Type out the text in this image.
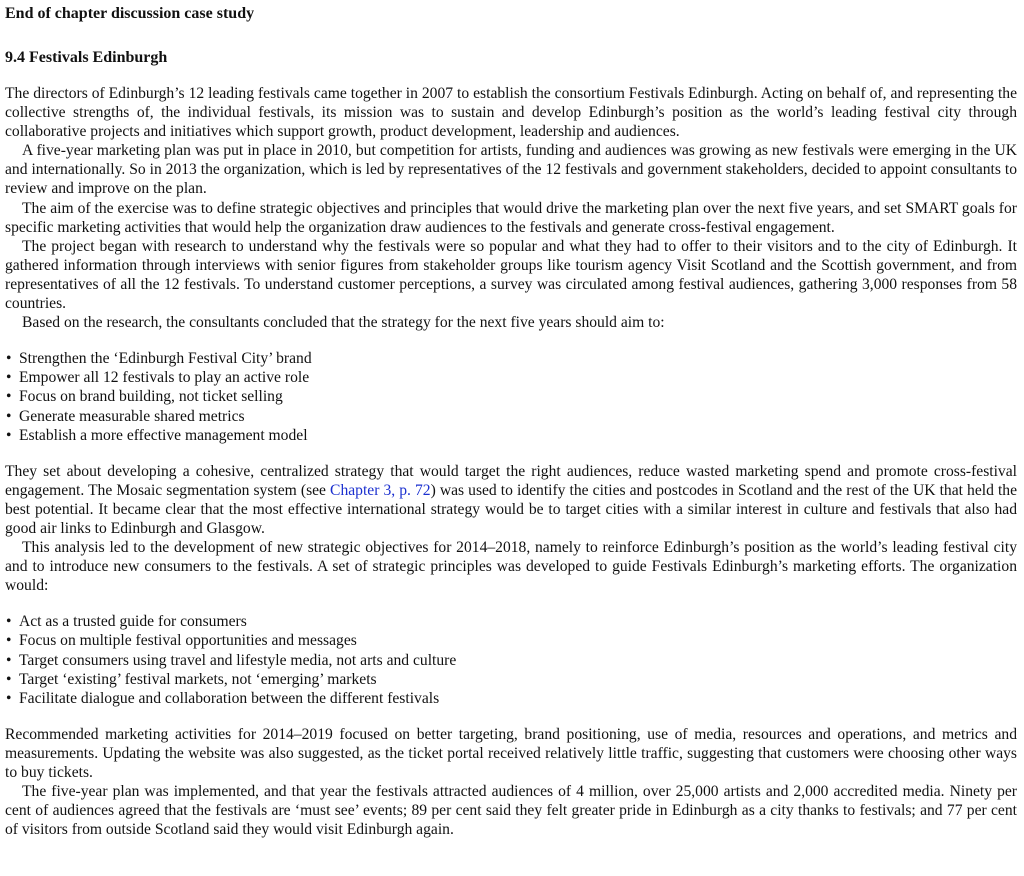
End of chapter discussion case study
9.4 Festivals Edinburgh

The directors of Edinburgh’s 12 leading festivals came together in 2007 to establish the consortium Festivals Edinburgh. Acting on behalf of, and representing the collective strengths of, the individual festivals, its mission was to sustain and develop Edinburgh’s position as the world’s leading festival city through collaborative projects and initiatives which support growth, product development, leadership and audiences.

A five-year marketing plan was put in place in 2010, but competition for artists, funding and audiences was growing as new festivals were emerging in the UK and internationally. So in 2013 the organization, which is led by representatives of the 12 festivals and government stakeholders, decided to appoint consultants to review and improve on the plan.

The aim of the exercise was to define strategic objectives and principles that would drive the marketing plan over the next five years, and set SMART goals for specific marketing activities that would help the organization draw audiences to the festivals and generate cross-festival engagement.

The project began with research to understand why the festivals were so popular and what they had to offer to their visitors and to the city of Edinburgh. It gathered information through interviews with senior figures from stakeholder groups like tourism agency Visit Scotland and the Scottish government, and from representatives of all the 12 festivals. To understand customer perceptions, a survey was circulated among festival audiences, gathering 3,000 responses from 58 countries.

Based on the research, the consultants concluded that the strategy for the next five years should aim to:

• Strengthen the ‘Edinburgh Festival City’ brand
• Empower all 12 festivals to play an active role
• Focus on brand building, not ticket selling
• Generate measurable shared metrics
• Establish a more effective management model

They set about developing a cohesive, centralized strategy that would target the right audiences, reduce wasted marketing spend and promote cross-festival engagement. The Mosaic segmentation system (see Chapter 3, p. 72) was used to identify the cities and postcodes in Scotland and the rest of the UK that held the best potential. It became clear that the most effective international strategy would be to target cities with a similar interest in culture and festivals that also had good air links to Edinburgh and Glasgow.

This analysis led to the development of new strategic objectives for 2014–2018, namely to reinforce Edinburgh’s position as the world’s leading festival city and to introduce new consumers to the festivals. A set of strategic principles was developed to guide Festivals Edinburgh’s marketing efforts. The organization would:

• Act as a trusted guide for consumers
• Focus on multiple festival opportunities and messages
• Target consumers using travel and lifestyle media, not arts and culture
• Target ‘existing’ festival markets, not ‘emerging’ markets
• Facilitate dialogue and collaboration between the different festivals

Recommended marketing activities for 2014–2019 focused on better targeting, brand positioning, use of media, resources and operations, and metrics and measurements. Updating the website was also suggested, as the ticket portal received relatively little traffic, suggesting that customers were choosing other ways to buy tickets.

The five-year plan was implemented, and that year the festivals attracted audiences of 4 million, over 25,000 artists and 2,000 accredited media. Ninety per cent of audiences agreed that the festivals are ‘must see’ events; 89 per cent said they felt greater pride in Edinburgh as a city thanks to festivals; and 77 per cent of visitors from outside Scotland said they would visit Edinburgh again.
